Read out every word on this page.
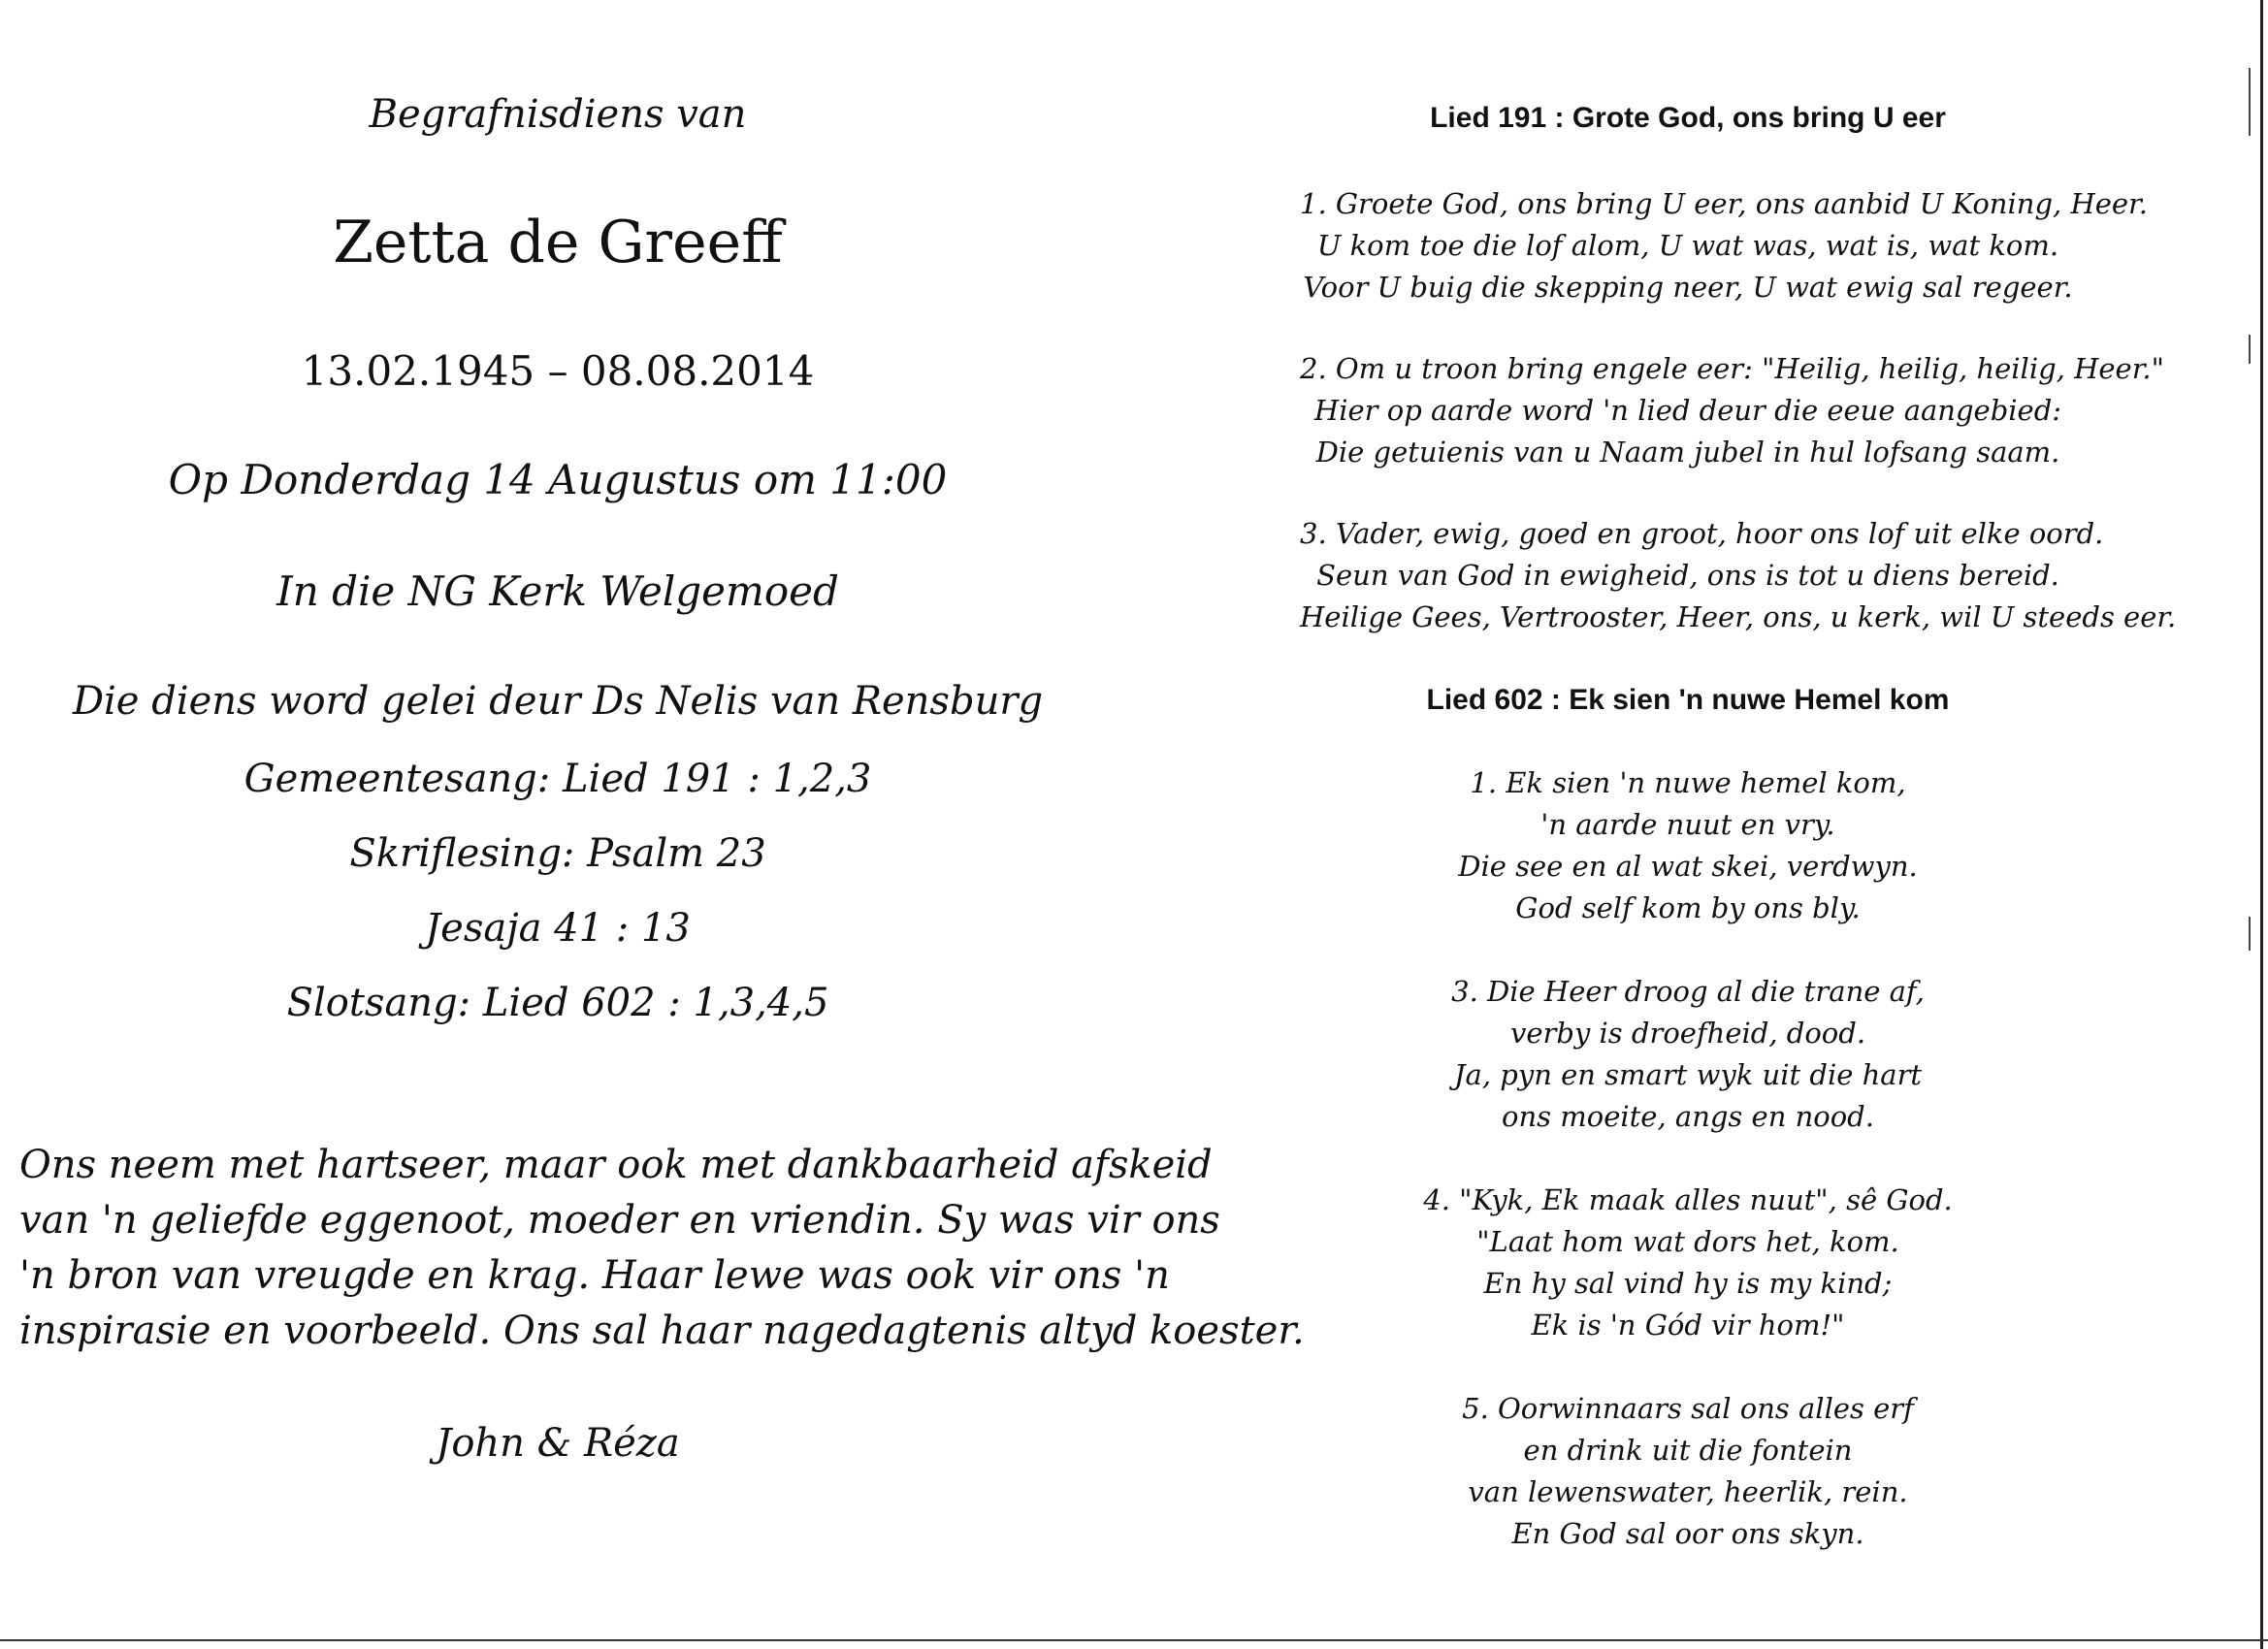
Begrafnisdiens van
Zetta de Greeff
13.02.1945 – 08.08.2014
Op Donderdag 14 Augustus om 11:00
In die NG Kerk Welgemoed
Die diens word gelei deur Ds Nelis van Rensburg
Gemeentesang: Lied 191 : 1,2,3
Skriflesing: Psalm 23
Jesaja 41 : 13
Slotsang: Lied 602 : 1,3,4,5
Ons neem met hartseer, maar ook met dankbaarheid afskeid
van 'n geliefde eggenoot, moeder en vriendin. Sy was vir ons
'n bron van vreugde en krag. Haar lewe was ook vir ons 'n
inspirasie en voorbeeld. Ons sal haar nagedagtenis altyd koester.
John & Réza
Lied 191 : Grote God, ons bring U eer
1. Groete God, ons bring U eer, ons aanbid U Koning, Heer.
U kom toe die lof alom, U wat was, wat is, wat kom.
Voor U buig die skepping neer, U wat ewig sal regeer.
2. Om u troon bring engele eer: "Heilig, heilig, heilig, Heer."
Hier op aarde word 'n lied deur die eeue aangebied:
Die getuienis van u Naam jubel in hul lofsang saam.
3. Vader, ewig, goed en groot, hoor ons lof uit elke oord.
Seun van God in ewigheid, ons is tot u diens bereid.
Heilige Gees, Vertrooster, Heer, ons, u kerk, wil U steeds eer.
Lied 602 : Ek sien 'n nuwe Hemel kom
1. Ek sien 'n nuwe hemel kom,
'n aarde nuut en vry.
Die see en al wat skei, verdwyn.
God self kom by ons bly.
3. Die Heer droog al die trane af,
verby is droefheid, dood.
Ja, pyn en smart wyk uit die hart
ons moeite, angs en nood.
4. "Kyk, Ek maak alles nuut", sê God.
"Laat hom wat dors het, kom.
En hy sal vind hy is my kind;
Ek is 'n Gód vir hom!"
5. Oorwinnaars sal ons alles erf
en drink uit die fontein
van lewenswater, heerlik, rein.
En God sal oor ons skyn.
